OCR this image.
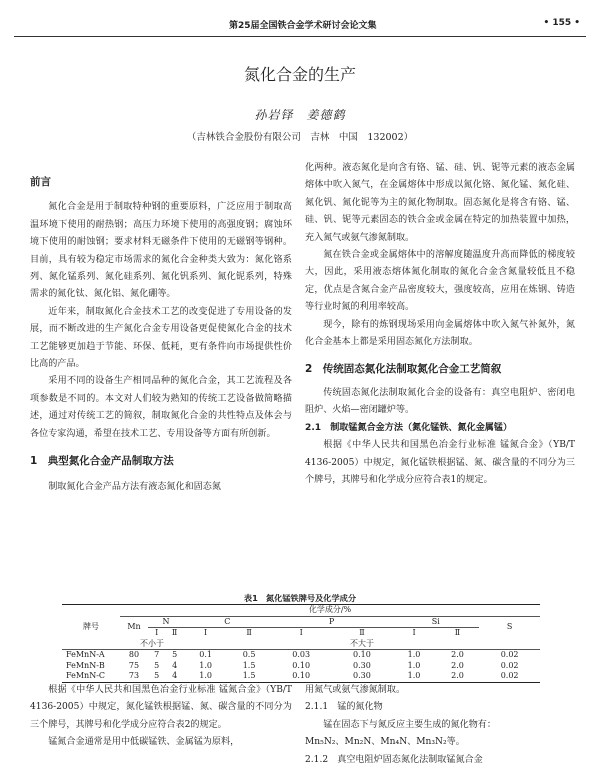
第25届全国铁合金学术研讨会论文集	• 155 •
氮化合金的生产
孙岩铎　姜德鹤
（吉林铁合金股份有限公司　吉林　中国　132002）
前言

氮化合金是用于制取特种钢的重要原料，广泛应用于制取高温环境下使用的耐热钢；高压力环境下使用的高强度钢；腐蚀环境下使用的耐蚀钢；要求材料无磁条件下使用的无磁钢等钢种。目前，具有较为稳定市场需求的氮化合金种类大致为：氮化铬系列、氮化锰系列、氮化硅系列、氮化钒系列、氮化铌系列，特殊需求的氮化钛、氮化铝、氮化硼等。

近年来，制取氮化合金技术工艺的改变促进了专用设备的发展，而不断改进的生产氮化合金专用设备更促使氮化合金的技术工艺能够更加趋于节能、环保、低耗，更有条件向市场提供性价比高的产品。

采用不同的设备生产相同品种的氮化合金，其工艺流程及各项参数是不同的。本文对人们较为熟知的传统工艺设备做简略描述，通过对传统工艺的简叙，制取氮化合金的共性特点及体会与各位专家沟通，希望在技术工艺、专用设备等方面有所创新。

1　典型氮化合金产品制取方法

制取氮化合金产品方法有液态氮化和固态氮

化两种。液态氮化是向含有铬、锰、硅、钒、铌等元素的液态金属熔体中吹入氮气，在金属熔体中形成以氮化铬、氮化锰、氮化硅、氮化钒、氮化铌等为主的氮化物制取。固态氮化是将含有铬、锰、硅、钒、铌等元素固态的铁合金或金属在特定的加热装置中加热，充入氮气或氨气渗氮制取。

氮在铁合金或金属熔体中的溶解度随温度升高而降低的梯度较大，因此，采用液态熔体氮化制取的氮化合金含氮量较低且不稳定，优点是含氮合金产品密度较大，强度较高，应用在炼钢、铸造等行业时氮的利用率较高。

现今，除有的炼钢现场采用向金属熔体中吹入氮气补氮外，氮化合金基本上都是采用固态氮化方法制取。

2　传统固态氮化法制取氮化合金工艺简叙

传统固态氮化法制取氮化合金的设备有：真空电阻炉、密闭电阻炉、火焰—密闭罐炉等。

2.1　制取锰氮合金方法（氮化锰铁、氮化金属锰）

根据《中华人民共和国黑色冶金行业标准 锰氮合金》（YB/T 4136-2005）中规定，氮化锰铁根据锰、氮、碳含量的不同分为三个牌号，其牌号和化学成分应符合表1的规定。

表1　氮化锰铁牌号及化学成分
牌号	化学成分/%									
	Mn	N		C		P		Si		S
		Ⅰ	Ⅱ	Ⅰ	Ⅱ	Ⅰ	Ⅱ	Ⅰ	Ⅱ	
	不小于			不大于						
FeMnN-A	80	7	5	0.1	0.5	0.03	0.10	1.0	2.0	0.02
FeMnN-B	75	5	4	1.0	1.5	0.10	0.30	1.0	2.0	0.02
FeMnN-C	73	5	4	1.0	1.5	0.10	0.30	1.0	2.0	0.02

根据《中华人民共和国黑色冶金行业标准 锰氮合金》（YB/T 4136-2005）中规定，氮化锰铁根据锰、氮、碳含量的不同分为三个牌号，其牌号和化学成分应符合表2的规定。

锰氮合金通常是用中低碳锰铁、金属锰为原料，

用氮气或氨气渗氮制取。

2.1.1　锰的氮化物

锰在固态下与氮反应主要生成的氮化物有：

Mn₅N₂、Mn₂N、Mn₄N、Mn₃N₂等。

2.1.2　真空电阻炉固态氮化法制取锰氮合金
